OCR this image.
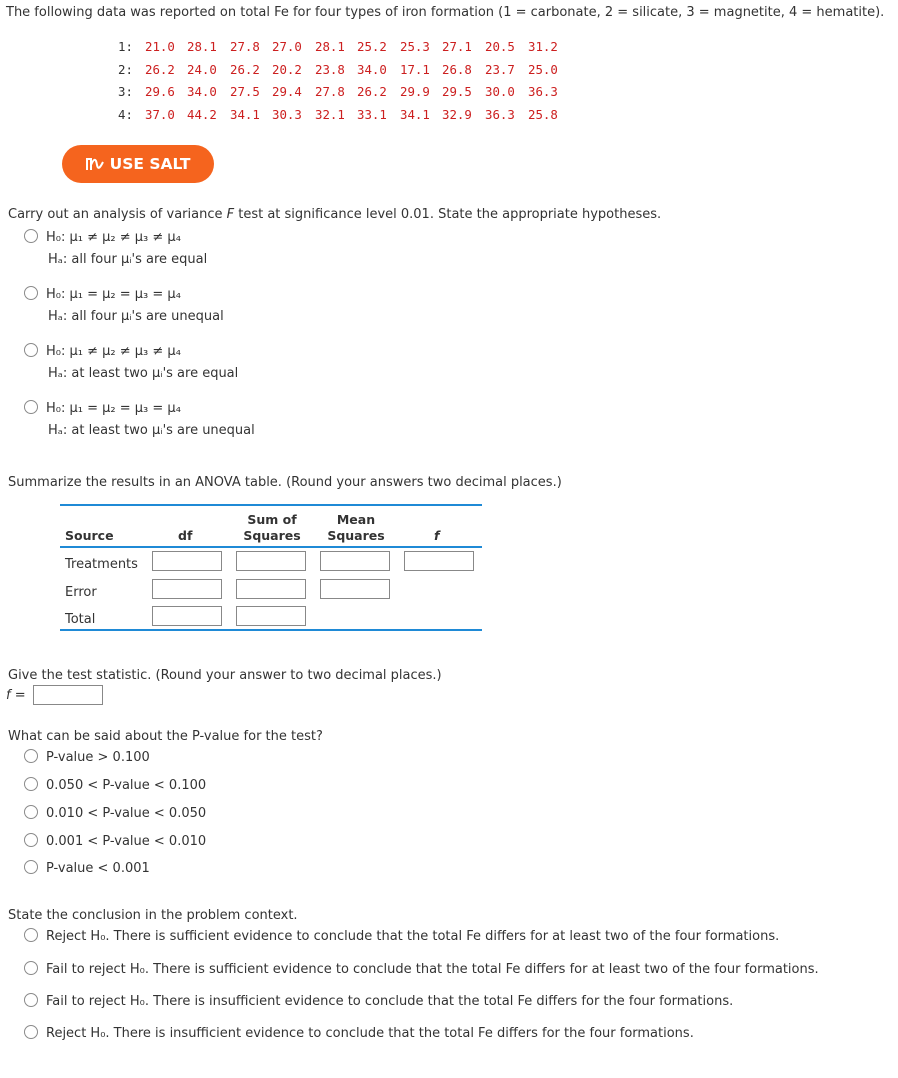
The following data was reported on total Fe for four types of iron formation (1 = carbonate, 2 = silicate, 3 = magnetite, 4 = hematite).
1: 21.0 28.1 27.8 27.0 28.1 25.2 25.3 27.1 20.5 31.2
2: 26.2 24.0 26.2 20.2 23.8 34.0 17.1 26.8 23.7 25.0
3: 29.6 34.0 27.5 29.4 27.8 26.2 29.9 29.5 30.0 36.3
4: 37.0 44.2 34.1 30.3 32.1 33.1 34.1 32.9 36.3 25.8
USE SALT
Carry out an analysis of variance F test at significance level 0.01. State the appropriate hypotheses.
H₀: μ₁ ≠ μ₂ ≠ μ₃ ≠ μ₄
Hₐ: all four μᵢ's are equal
H₀: μ₁ = μ₂ = μ₃ = μ₄
Hₐ: all four μᵢ's are unequal
H₀: μ₁ ≠ μ₂ ≠ μ₃ ≠ μ₄
Hₐ: at least two μᵢ's are equal
H₀: μ₁ = μ₂ = μ₃ = μ₄
Hₐ: at least two μᵢ's are unequal
Summarize the results in an ANOVA table. (Round your answers two decimal places.)
Source	df
Sum of
Squares
Mean
Squares	f
Treatments
Error
Total
Give the test statistic. (Round your answer to two decimal places.)
f =
What can be said about the P-value for the test?
P-value > 0.100
0.050 < P-value < 0.100
0.010 < P-value < 0.050
0.001 < P-value < 0.010
P-value < 0.001
State the conclusion in the problem context.
Reject H₀. There is sufficient evidence to conclude that the total Fe differs for at least two of the four formations.
Fail to reject H₀. There is sufficient evidence to conclude that the total Fe differs for at least two of the four formations.
Fail to reject H₀. There is insufficient evidence to conclude that the total Fe differs for the four formations.
Reject H₀. There is insufficient evidence to conclude that the total Fe differs for the four formations.
